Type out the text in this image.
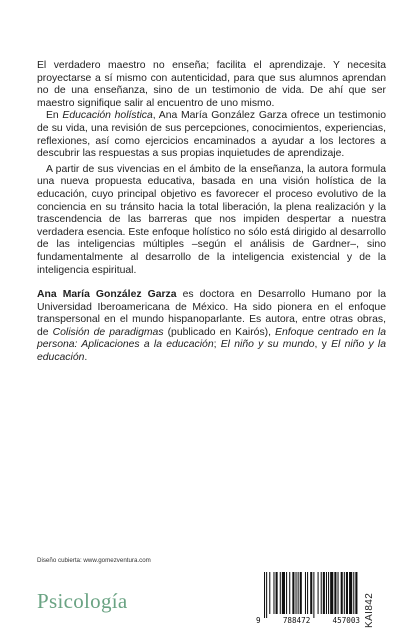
El verdadero maestro no enseña; facilita el aprendizaje. Y necesita proyectarse a sí mismo con autenticidad, para que sus alumnos aprendan no de una enseñanza, sino de un testimonio de vida. De ahí que ser maestro signifique salir al encuentro de uno mismo.

En Educación holística, Ana María González Garza ofrece un testimonio de su vida, una revisión de sus percepciones, conocimientos, experiencias, reflexiones, así como ejercicios encaminados a ayudar a los lectores a descubrir las respuestas a sus propias inquietudes de aprendizaje.

A partir de sus vivencias en el ámbito de la enseñanza, la autora formula una nueva propuesta educativa, basada en una visión holística de la educación, cuyo principal objetivo es favorecer el proceso evolutivo de la conciencia en su tránsito hacia la total liberación, la plena realización y la trascendencia de las barreras que nos impiden despertar a nuestra verdadera esencia. Este enfoque holístico no sólo está dirigido al desarrollo de las inteligencias múltiples –según el análisis de Gardner–, sino fundamentalmente al desarrollo de la inteligencia existencial y de la inteligencia espiritual.

Ana María González Garza es doctora en Desarrollo Humano por la Universidad Iberoamericana de México. Ha sido pionera en el enfoque transpersonal en el mundo hispanoparlante. Es autora, entre otras obras, de Colisión de paradigmas (publicado en Kairós), Enfoque centrado en la persona: Aplicaciones a la educación; El niño y su mundo, y El niño y la educación.

Diseño cubierta: www.gomezventura.com
Psicología
9	788472	457003 KAI842
